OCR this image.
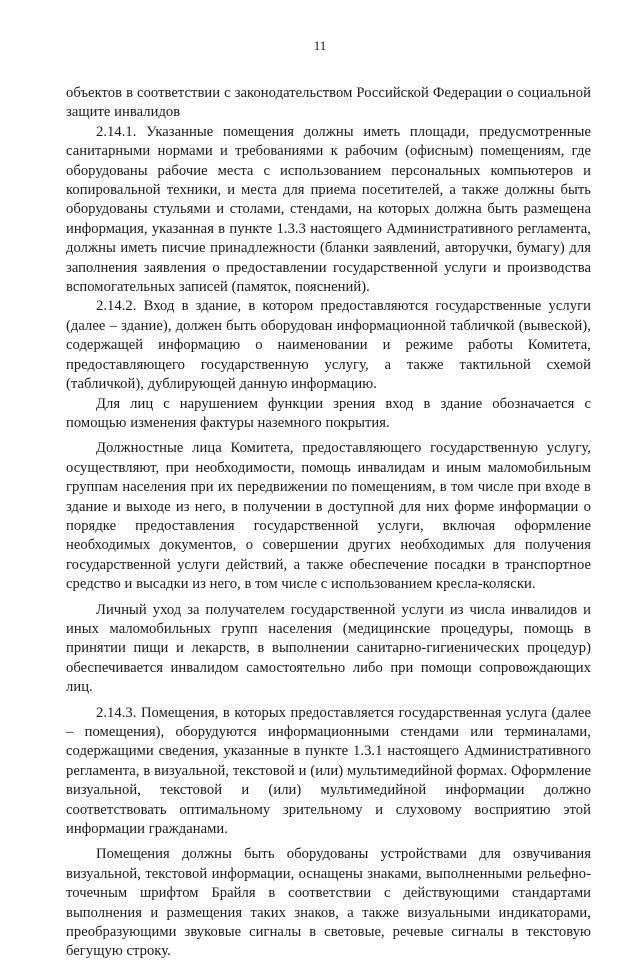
11

объектов в соответствии с законодательством Российской Федерации о социальной защите инвалидов

2.14.1. Указанные помещения должны иметь площади, предусмотренные санитарными нормами и требованиями к рабочим (офисным) помещениям, где оборудованы рабочие места с использованием персональных компьютеров и копировальной техники, и места для приема посетителей, а также должны быть оборудованы стульями и столами, стендами, на которых должна быть размещена информация, указанная в пункте 1.3.3 настоящего Административного регламента, должны иметь писчие принадлежности (бланки заявлений, авторучки, бумагу) для заполнения заявления о предоставлении государственной услуги и производства вспомогательных записей (памяток, пояснений).

2.14.2. Вход в здание, в котором предоставляются государственные услуги (далее – здание), должен быть оборудован информационной табличкой (вывеской), содержащей информацию о наименовании и режиме работы Комитета, предоставляющего государственную услугу, а также тактильной схемой (табличкой), дублирующей данную информацию.

Для лиц с нарушением функции зрения вход в здание обозначается с помощью изменения фактуры наземного покрытия.

Должностные лица Комитета, предоставляющего государственную услугу, осуществляют, при необходимости, помощь инвалидам и иным маломобильным группам населения при их передвижении по помещениям, в том числе при входе в здание и выходе из него, в получении в доступной для них форме информации о порядке предоставления государственной услуги, включая оформление необходимых документов, о совершении других необходимых для получения государственной услуги действий, а также обеспечение посадки в транспортное средство и высадки из него, в том числе с использованием кресла-коляски.

Личный уход за получателем государственной услуги из числа инвалидов и иных маломобильных групп населения (медицинские процедуры, помощь в принятии пищи и лекарств, в выполнении санитарно-гигиенических процедур) обеспечивается инвалидом самостоятельно либо при помощи сопровождающих лиц.

2.14.3. Помещения, в которых предоставляется государственная услуга (далее – помещения), оборудуются информационными стендами или терминалами, содержащими сведения, указанные в пункте 1.3.1 настоящего Административного регламента, в визуальной, текстовой и (или) мультимедийной формах. Оформление визуальной, текстовой и (или) мультимедийной информации должно соответствовать оптимальному зрительному и слуховому восприятию этой информации гражданами.

Помещения должны быть оборудованы устройствами для озвучивания визуальной, текстовой информации, оснащены знаками, выполненными рельефно-точечным шрифтом Брайля в соответствии с действующими стандартами выполнения и размещения таких знаков, а также визуальными индикаторами, преобразующими звуковые сигналы в световые, речевые сигналы в текстовую бегущую строку.
